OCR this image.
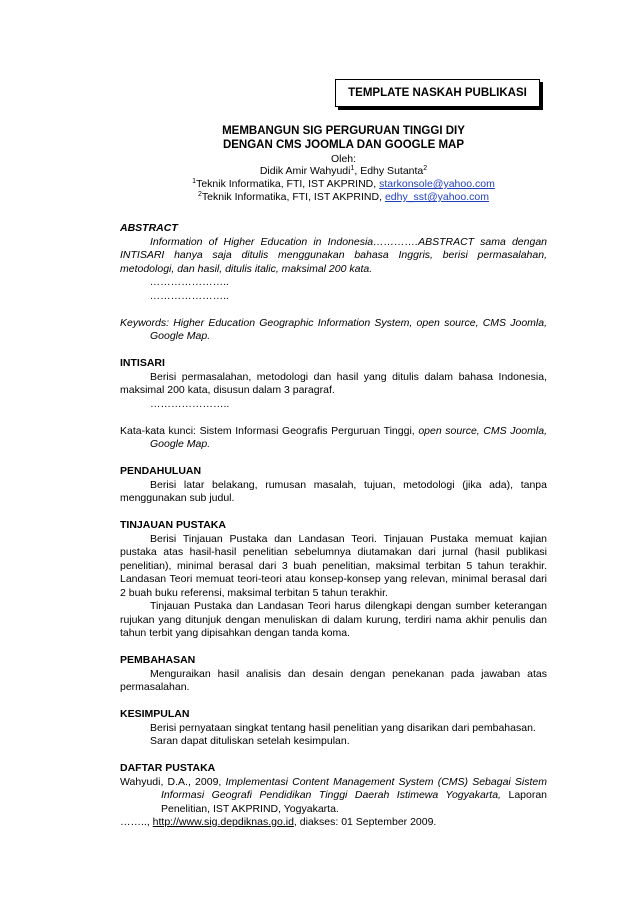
TEMPLATE NASKAH PUBLIKASI
MEMBANGUN SIG PERGURUAN TINGGI DIY
DENGAN CMS JOOMLA DAN GOOGLE MAP
Oleh:
Didik Amir Wahyudi$^1$, Edhy Sutanta$^2$
$^1$Teknik Informatika, FTI, IST AKPRIND, starkonsole@yahoo.com
$^2$Teknik Informatika, FTI, IST AKPRIND, edhy_sst@yahoo.com
ABSTRACT

Information of Higher Education in Indonesia………….ABSTRACT sama dengan INTISARI hanya saja ditulis menggunakan bahasa Inggris, berisi permasalahan, metodologi, dan hasil, ditulis italic, maksimal 200 kata.

…………………..
…………………..

Keywords: Higher Education Geographic Information System, open source, CMS Joomla, Google Map.

INTISARI

Berisi permasalahan, metodologi dan hasil yang ditulis dalam bahasa Indonesia, maksimal 200 kata, disusun dalam 3 paragraf.

…………………..

Kata-kata kunci: Sistem Informasi Geografis Perguruan Tinggi, open source, CMS Joomla, Google Map.

PENDAHULUAN

Berisi latar belakang, rumusan masalah, tujuan, metodologi (jika ada), tanpa menggunakan sub judul.

TINJAUAN PUSTAKA

Berisi Tinjauan Pustaka dan Landasan Teori. Tinjauan Pustaka memuat kajian pustaka atas hasil-hasil penelitian sebelumnya diutamakan dari jurnal (hasil publikasi penelitian), minimal berasal dari 3 buah penelitian, maksimal terbitan 5 tahun terakhir. Landasan Teori memuat teori-teori atau konsep-konsep yang relevan, minimal berasal dari 2 buah buku referensi, maksimal terbitan 5 tahun terakhir.

Tinjauan Pustaka dan Landasan Teori harus dilengkapi dengan sumber keterangan rujukan yang ditunjuk dengan menuliskan di dalam kurung, terdiri nama akhir penulis dan tahun terbit yang dipisahkan dengan tanda koma.

PEMBAHASAN

Menguraikan hasil analisis dan desain dengan penekanan pada jawaban atas permasalahan.

KESIMPULAN

Berisi pernyataan singkat tentang hasil penelitian yang disarikan dari pembahasan.

Saran dapat dituliskan setelah kesimpulan.

DAFTAR PUSTAKA

Wahyudi, D.A., 2009, Implementasi Content Management System (CMS) Sebagai Sistem Informasi Geografi Pendidikan Tinggi Daerah Istimewa Yogyakarta, Laporan Penelitian, IST AKPRIND, Yogyakarta.

…….., http://www.sig.depdiknas.go.id, diakses: 01 September 2009.
